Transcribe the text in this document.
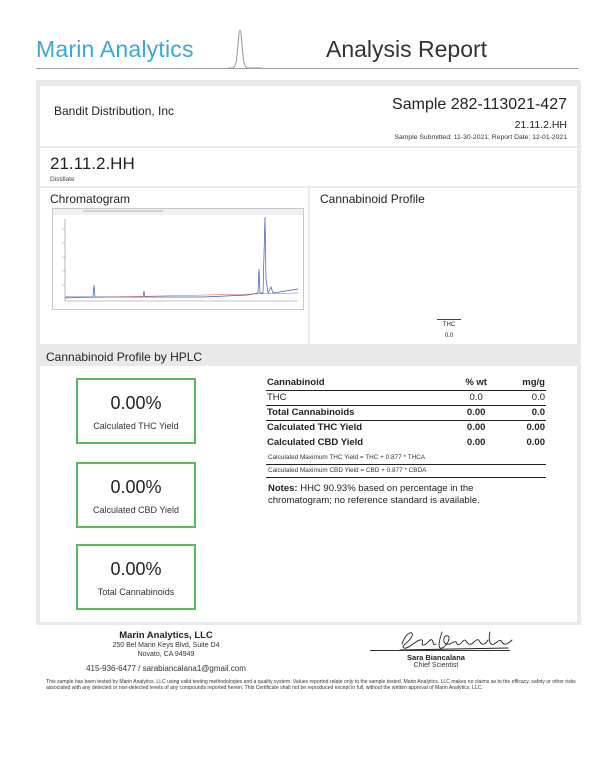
Marin Analytics	Analysis Report
Bandit Distribution, Inc	Sample 282-113021-427
21.11.2.HH
Sample Submitted: 11-30-2021; Report Date: 12-01-2021
21.11.2.HH
Distillate
Chromatogram
·
·
Cannabinoid Profile
THC
0.0
Cannabinoid Profile by HPLC
0.00%
Calculated THC Yield
0.00%
Calculated CBD Yield
0.00%
Total Cannabinoids
Cannabinoid	% wt	mg/g
THC	0.0	0.0
Total Cannabinoids	0.00	0.0
Calculated THC Yield	0.00	0.00
Calculated CBD Yield	0.00	0.00
Calculated Maximum THC Yield = THC + 0.877 * THCA
Calculated Maximum CBD Yield = CBD + 0.877 * CBDA
Notes: HHC 90.93% based on percentage in the chromatogram; no reference standard is available.
Marin Analytics, LLC
250 Bel Marin Keys Blvd, Suite D4
Novato, CA 94949
415-936-6477 / sarabiancalana1@gmail.com
Sara Biancalana
Chief Scientist
This sample has been tested by Marin Analytics, LLC using valid testing methodologies and a quality system. Values reported relate only to the sample tested. Marin Analytics, LLC makes no claims as to the efficacy, safety or other risks associated with any detected or non-detected levels of any compounds reported herein. This Certificate shall not be reproduced except in full, without the written approval of Marin Analytics, LLC.
